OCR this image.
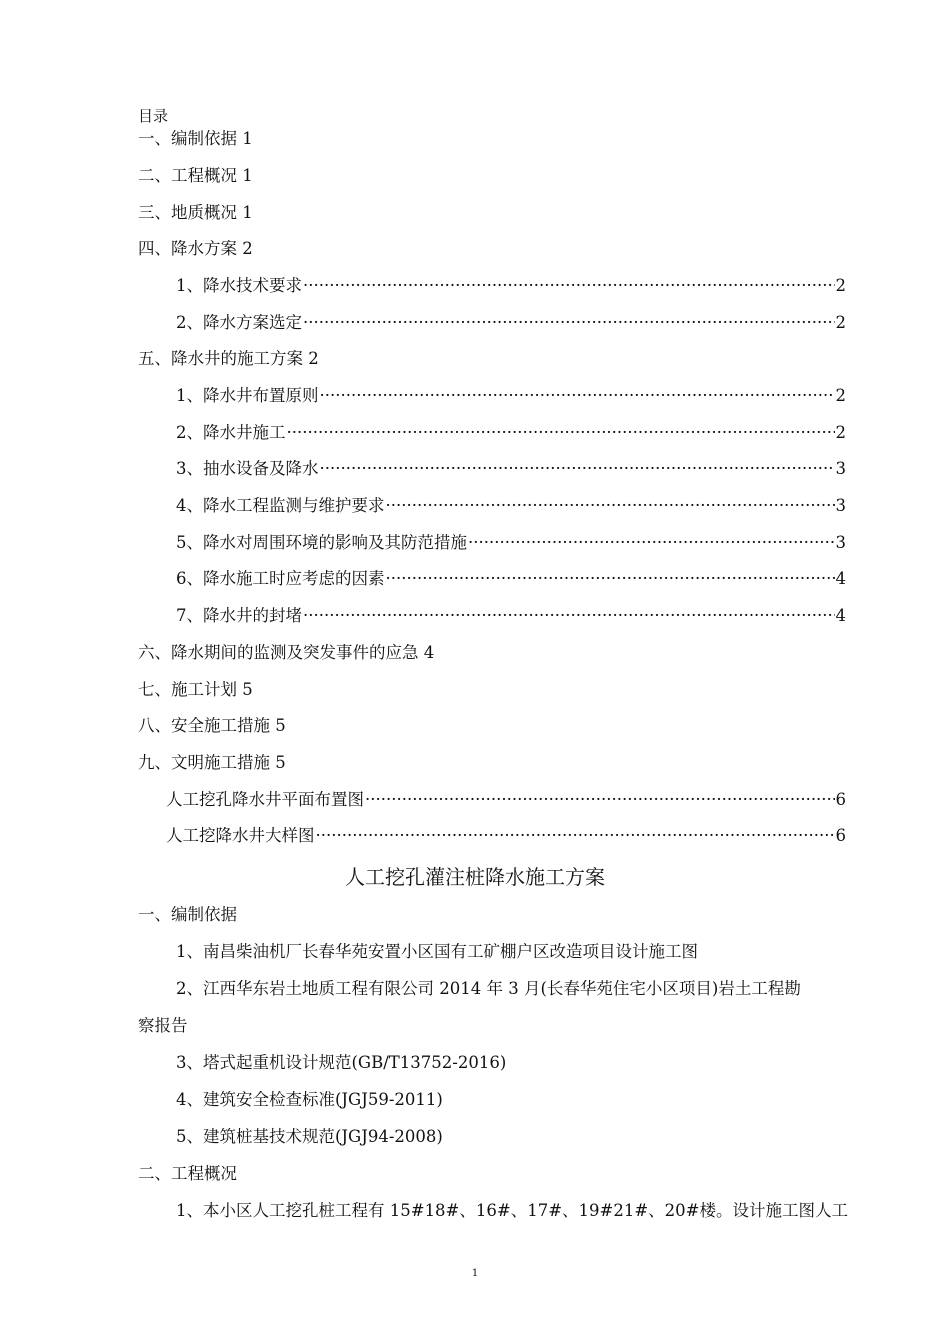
目录
一、编制依据 1
二、工程概况 1
三、地质概况 1
四、降水方案 2
1、降水技术要求 ·····	2
2、降水方案选定 ·····	2
五、降水井的施工方案 2
1、降水井布置原则 ·····	2
2、降水井施工 ·····	2
3、抽水设备及降水 ·····	3
4、降水工程监测与维护要求 ·····	3
5、降水对周围环境的影响及其防范措施 ·····	3
6、降水施工时应考虑的因素 ·····	4
7、降水井的封堵 ·····	4
六、降水期间的监测及突发事件的应急 4
七、施工计划 5
八、安全施工措施 5
九、文明施工措施 5
人工挖孔降水井平面布置图 ·····	6
人工挖降水井大样图 ·····	6
人工挖孔灌注桩降水施工方案
一、编制依据
1、南昌柴油机厂长春华苑安置小区国有工矿棚户区改造项目设计施工图
2、江西华东岩土地质工程有限公司 2014 年 3 月(长春华苑住宅小区项目)岩土工程勘
察报告
3、塔式起重机设计规范(GB/T13752-2016)
4、建筑安全检查标准(JGJ59-2011)
5、建筑桩基技术规范(JGJ94-2008)
二、工程概况
1、本小区人工挖孔桩工程有 15#18#、16#、17#、19#21#、20#楼。设计施工图人工
1
